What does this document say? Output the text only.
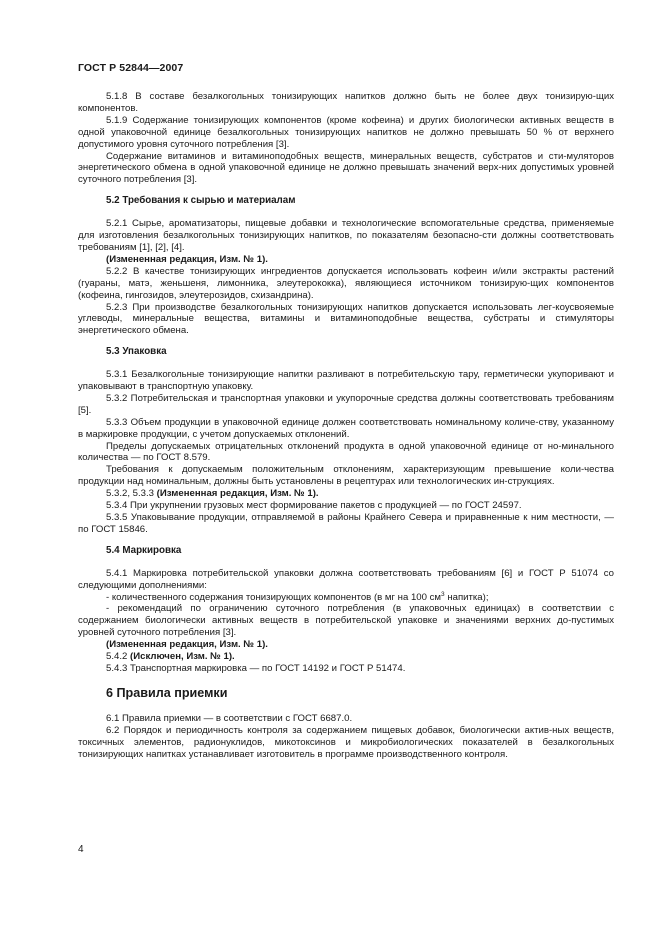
ГОСТ Р 52844—2007

5.1.8 В составе безалкогольных тонизирующих напитков должно быть не более двух тонизирую-щих компонентов.

5.1.9 Содержание тонизирующих компонентов (кроме кофеина) и других биологически активных веществ в одной упаковочной единице безалкогольных тонизирующих напитков не должно превышать 50 % от верхнего допустимого уровня суточного потребления [3].

Содержание витаминов и витаминоподобных веществ, минеральных веществ, субстратов и сти-муляторов энергетического обмена в одной упаковочной единице не должно превышать значений верх-них допустимых уровней суточного потребления [3].

5.2 Требования к сырью и материалам

5.2.1 Сырье, ароматизаторы, пищевые добавки и технологические вспомогательные средства, применяемые для изготовления безалкогольных тонизирующих напитков, по показателям безопасно-сти должны соответствовать требованиям [1], [2], [4].

(Измененная редакция, Изм. № 1).

5.2.2 В качестве тонизирующих ингредиентов допускается использовать кофеин и/или экстракты растений (гуараны, матэ, женьшеня, лимонника, элеутерококка), являющиеся источником тонизирую-щих компонентов (кофеина, гингозидов, элеутерозидов, схизандрина).

5.2.3 При производстве безалкогольных тонизирующих напитков допускается использовать лег-коусвояемые углеводы, минеральные вещества, витамины и витаминоподобные вещества, субстраты и стимуляторы энергетического обмена.

5.3 Упаковка

5.3.1 Безалкогольные тонизирующие напитки разливают в потребительскую тару, герметически укупоривают и упаковывают в транспортную упаковку.

5.3.2 Потребительская и транспортная упаковки и укупорочные средства должны соответствовать требованиям [5].

5.3.3 Объем продукции в упаковочной единице должен соответствовать номинальному количе-ству, указанному в маркировке продукции, с учетом допускаемых отклонений.

Пределы допускаемых отрицательных отклонений продукта в одной упаковочной единице от но-минального количества — по ГОСТ 8.579.

Требования к допускаемым положительным отклонениям, характеризующим превышение коли-чества продукции над номинальным, должны быть установлены в рецептурах или технологических ин-струкциях.

5.3.2, 5.3.3 (Измененная редакция, Изм. № 1).

5.3.4 При укрупнении грузовых мест формирование пакетов с продукцией — по ГОСТ 24597.

5.3.5 Упаковывание продукции, отправляемой в районы Крайнего Севера и приравненные к ним местности, — по ГОСТ 15846.

5.4 Маркировка

5.4.1 Маркировка потребительской упаковки должна соответствовать требованиям [6] и ГОСТ Р 51074 со следующими дополнениями:

- количественного содержания тонизирующих компонентов (в мг на 100 $см^3$ напитка);

- рекомендаций по ограничению суточного потребления (в упаковочных единицах) в соответствии с содержанием биологически активных веществ в потребительской упаковке и значениями верхних до-пустимых уровней суточного потребления [3].

(Измененная редакция, Изм. № 1).

5.4.2 (Исключен, Изм. № 1).

5.4.3 Транспортная маркировка — по ГОСТ 14192 и ГОСТ Р 51474.

6 Правила приемки

6.1 Правила приемки — в соответствии с ГОСТ 6687.0.

6.2 Порядок и периодичность контроля за содержанием пищевых добавок, биологически актив-ных веществ, токсичных элементов, радионуклидов, микотоксинов и микробиологических показателей в безалкогольных тонизирующих напитках устанавливает изготовитель в программе производственного контроля.

4
